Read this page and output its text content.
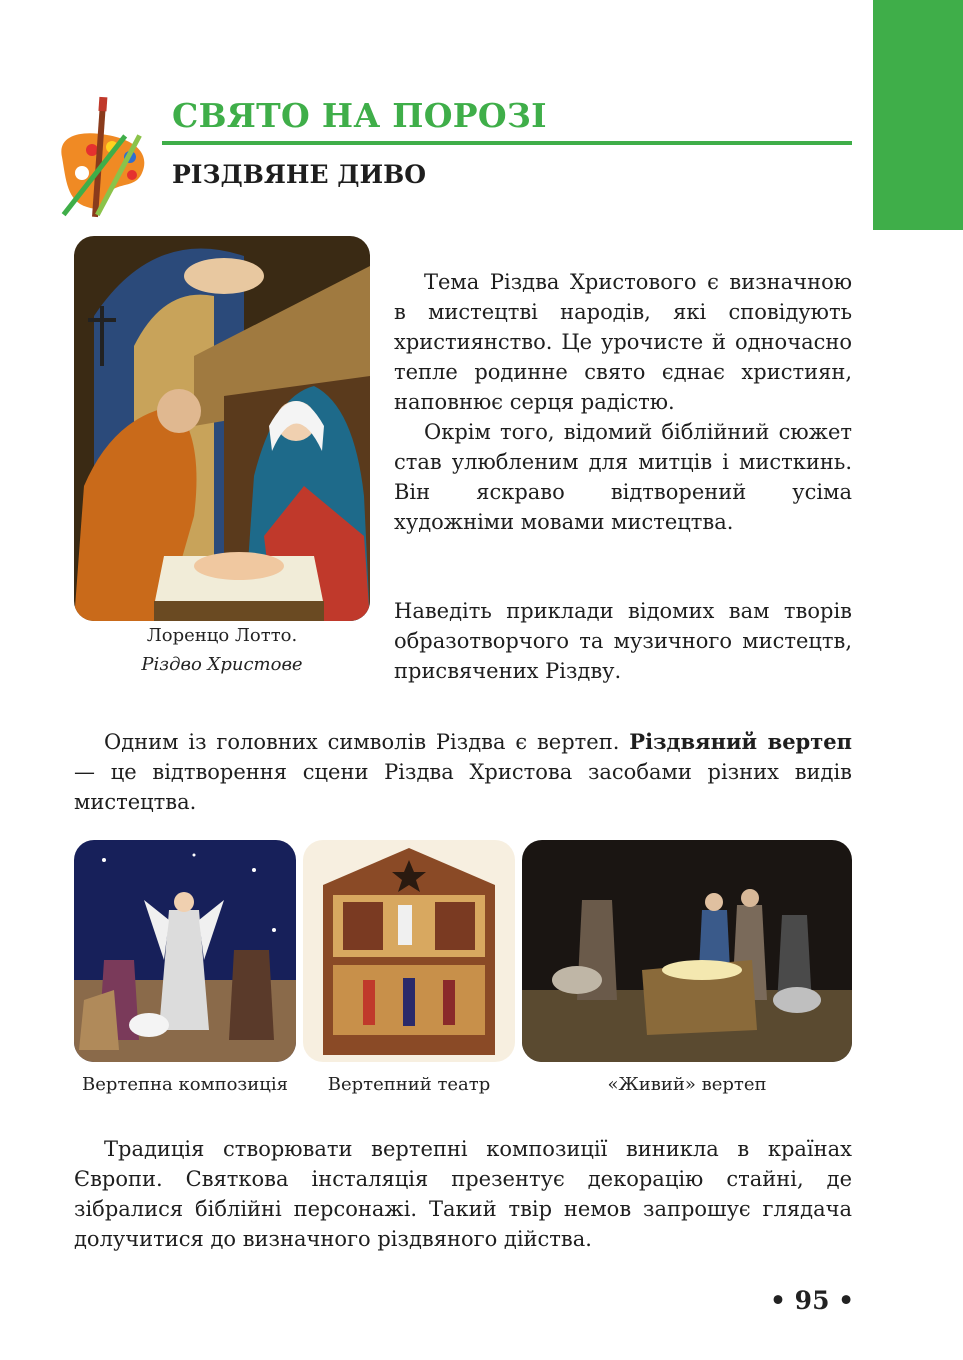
СВЯТО НА ПОРОЗІ
РІЗДВЯНЕ ДИВО
Лоренцо Лотто.
Різдво Христове

Тема Різдва Христового є визначною в мистецтві народів, які сповідують християнство. Це урочисте й одночасно тепле родинне свято єднає християн, наповнює серця радістю.

Окрім того, відомий біблійний сюжет став улюбленим для митців і мисткинь. Він яскраво відтворений усіма художніми мовами мистецтва.

Наведіть приклади відомих вам творів образотворчого та музичного мистецтв, присвячених Різдву.

Одним із головних символів Різдва є вертеп. Різдвяний вертеп — це відтворення сцени Різдва Христова засобами різних видів мистецтва.

Вертепна композиція	Вертепний театр	«Живий» вертеп

Традиція створювати вертепні композиції виникла в країнах Європи. Святкова інсталяція презентує декорацію стайні, де зібралися біблійні персонажі. Такий твір немов запрошує глядача долучитися до визначного різдвяного дійства.

• 95 •
